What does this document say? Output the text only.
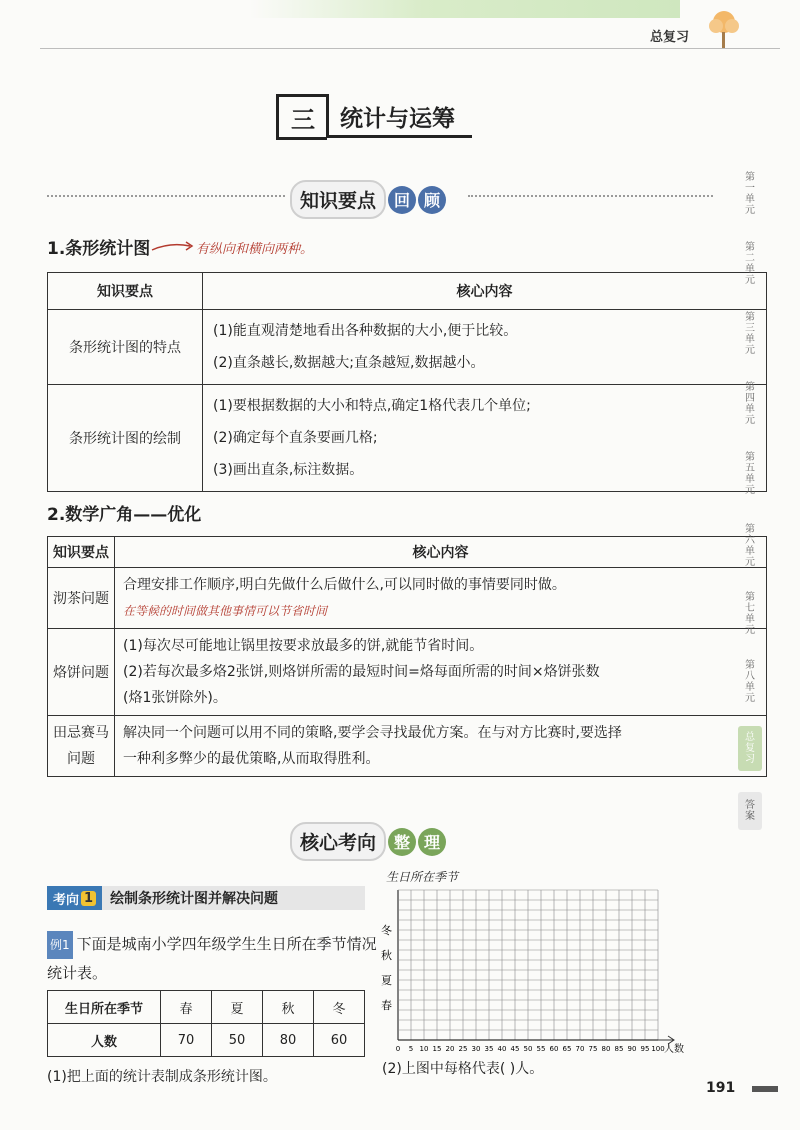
总复习
三	统计与运筹
知识要点	回 顾
1.条形统计图	有纵向和横向两种。
知识要点	核心内容
条形统计图的特点	(1)能直观清楚地看出各种数据的大小,便于比较。
(2)直条越长,数据越大;直条越短,数据越小。

条形统计图的绘制	(1)要根据数据的大小和特点,确定1格代表几个单位;
(2)确定每个直条要画几格;
(3)画出直条,标注数据。
2.数学广角——优化
知识要点	核心内容
沏茶问题	合理安排工作顺序,明白先做什么后做什么,可以同时做的事情要同时做。
在等候的时间做其他事情可以节省时间

烙饼问题	(1)每次尽可能地让锅里按要求放最多的饼,就能节省时间。
(2)若每次最多烙2张饼,则烙饼所需的最短时间=烙每面所需的时间×烙饼张数
(烙1张饼除外)。

田忌赛马问题	解决同一个问题可以用不同的策略,要学会寻找最优方案。在与对方比赛时,要选择
一种利多弊少的最优策略,从而取得胜利。
核心考向	整 理
考向 1 绘制条形统计图并解决问题
例1 下面是城南小学四年级学生生日所在季节情况统计表。
生日所在季节	春	夏	秋	冬
人数	70	50	80	60
(1)把上面的统计表制成条形统计图。	(2)上图中每格代表( )人。
生日所在季节
0 5 10 15 20 25 30 35 40 45 50 55 60 65 70 75 80 85 90 95 100 人数
冬
秋
夏
春
191
第
一
单
元
第
二
单
元
第
三
单
元
第
四
单
元
第
五
单
元
第
六
单
元
第
七
单
元
第
八
单
元
总
复
习
答
案
